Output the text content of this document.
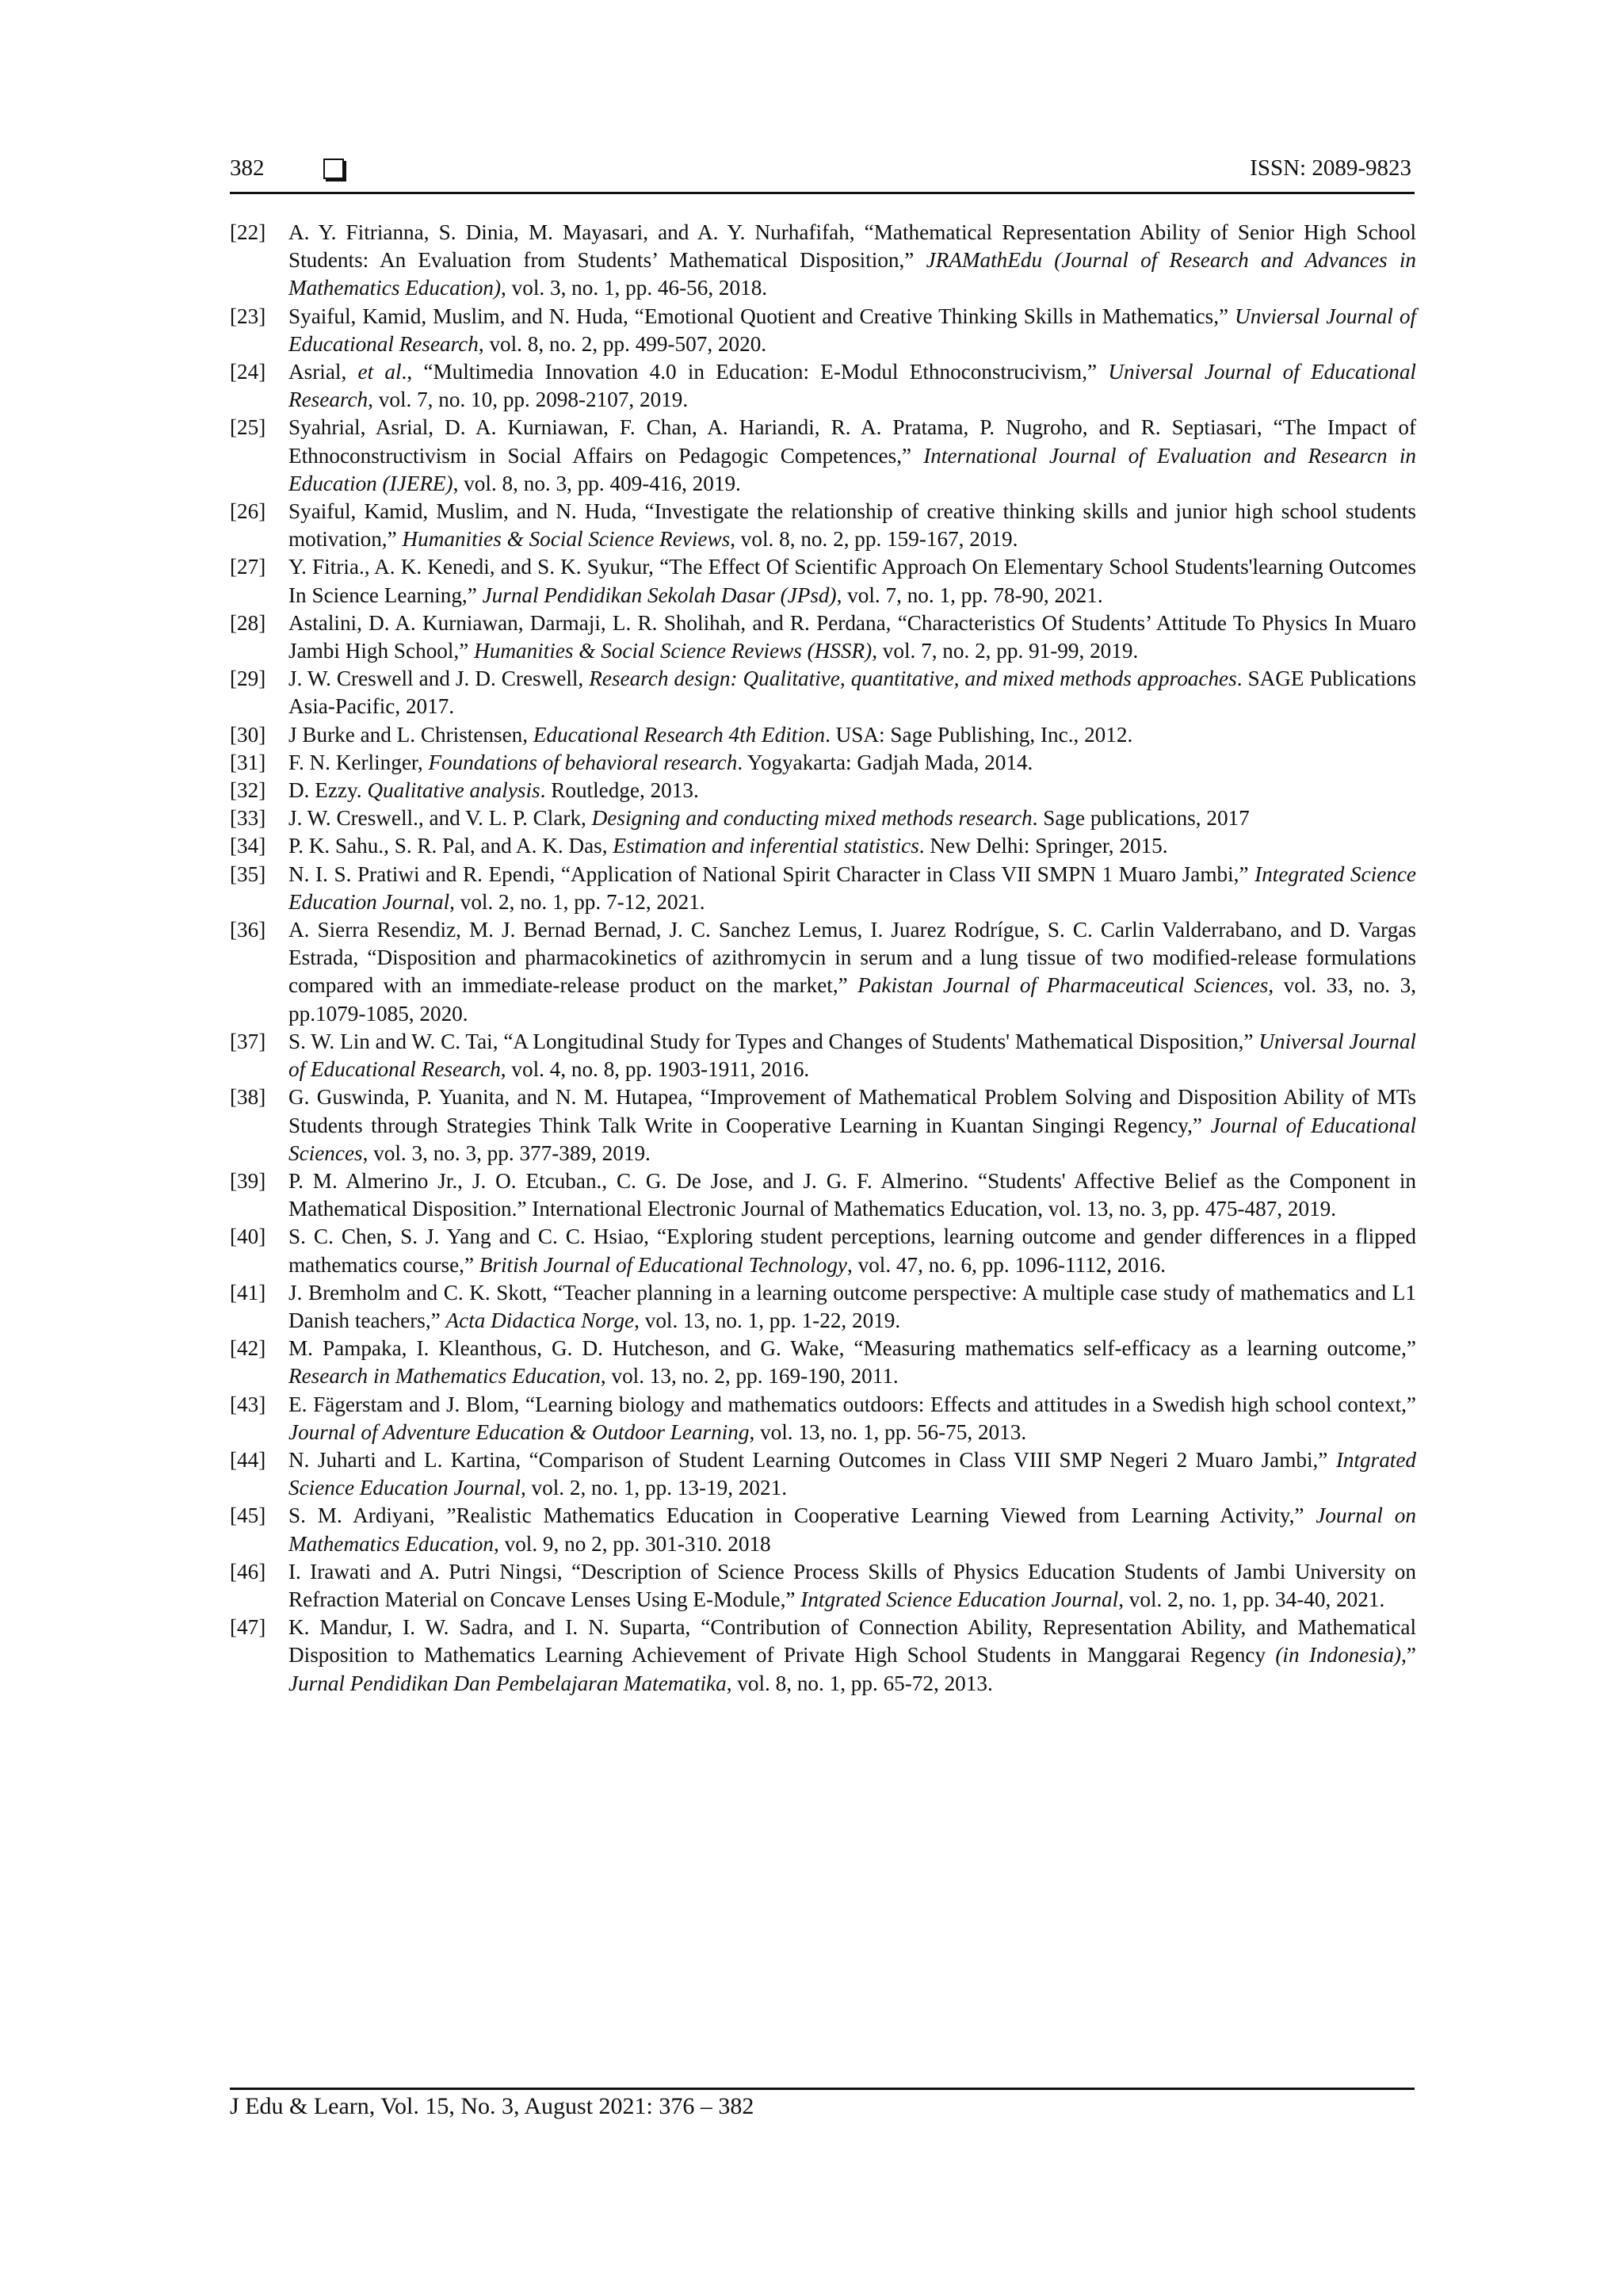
382	ISSN: 2089-9823
[22]	A. Y. Fitrianna, S. Dinia, M. Mayasari, and A. Y. Nurhafifah, “Mathematical Representation Ability of Senior High School Students: An Evaluation from Students’ Mathematical Disposition,” JRAMathEdu (Journal of Research and Advances in Mathematics Education), vol. 3, no. 1, pp. 46-56, 2018.
[23]	Syaiful, Kamid, Muslim, and N. Huda, “Emotional Quotient and Creative Thinking Skills in Mathematics,” Unviersal Journal of Educational Research, vol. 8, no. 2, pp. 499-507, 2020.
[24]	Asrial, et al., “Multimedia Innovation 4.0 in Education: E-Modul Ethnoconstrucivism,” Universal Journal of Educational Research, vol. 7, no. 10, pp. 2098-2107, 2019.
[25]	Syahrial, Asrial, D. A. Kurniawan, F. Chan, A. Hariandi, R. A. Pratama, P. Nugroho, and R. Septiasari, “The Impact of Ethnoconstructivism in Social Affairs on Pedagogic Competences,” International Journal of Evaluation and Researcn in Education (IJERE), vol. 8, no. 3, pp. 409-416, 2019.
[26]	Syaiful, Kamid, Muslim, and N. Huda, “Investigate the relationship of creative thinking skills and junior high school students motivation,” Humanities & Social Science Reviews, vol. 8, no. 2, pp. 159-167, 2019.
[27]	Y. Fitria., A. K. Kenedi, and S. K. Syukur, “The Effect Of Scientific Approach On Elementary School Students'learning Outcomes In Science Learning,” Jurnal Pendidikan Sekolah Dasar (JPsd), vol. 7, no. 1, pp. 78-90, 2021.
[28]	Astalini, D. A. Kurniawan, Darmaji, L. R. Sholihah, and R. Perdana, “Characteristics Of Students’ Attitude To Physics In Muaro Jambi High School,” Humanities & Social Science Reviews (HSSR), vol. 7, no. 2, pp. 91-99, 2019.
[29]	J. W. Creswell and J. D. Creswell, Research design: Qualitative, quantitative, and mixed methods approaches. SAGE Publications Asia-Pacific, 2017.
[30]	J Burke and L. Christensen, Educational Research 4th Edition. USA: Sage Publishing, Inc., 2012.
[31]	F. N. Kerlinger, Foundations of behavioral research. Yogyakarta: Gadjah Mada, 2014.
[32]	D. Ezzy. Qualitative analysis. Routledge, 2013.
[33]	J. W. Creswell., and V. L. P. Clark, Designing and conducting mixed methods research. Sage publications, 2017
[34]	P. K. Sahu., S. R. Pal, and A. K. Das, Estimation and inferential statistics. New Delhi: Springer, 2015.
[35]	N. I. S. Pratiwi and R. Ependi, “Application of National Spirit Character in Class VII SMPN 1 Muaro Jambi,” Integrated Science Education Journal, vol. 2, no. 1, pp. 7-12, 2021.
[36]	A. Sierra Resendiz, M. J. Bernad Bernad, J. C. Sanchez Lemus, I. Juarez Rodrígue, S. C. Carlin Valderrabano, and D. Vargas Estrada, “Disposition and pharmacokinetics of azithromycin in serum and a lung tissue of two modified-release formulations compared with an immediate-release product on the market,” Pakistan Journal of Pharmaceutical Sciences, vol. 33, no. 3, pp.1079-1085, 2020.
[37]	S. W. Lin and W. C. Tai, “A Longitudinal Study for Types and Changes of Students' Mathematical Disposition,” Universal Journal of Educational Research, vol. 4, no. 8, pp. 1903-1911, 2016.
[38]	G. Guswinda, P. Yuanita, and N. M. Hutapea, “Improvement of Mathematical Problem Solving and Disposition Ability of MTs Students through Strategies Think Talk Write in Cooperative Learning in Kuantan Singingi Regency,” Journal of Educational Sciences, vol. 3, no. 3, pp. 377-389, 2019.
[39]	P. M. Almerino Jr., J. O. Etcuban., C. G. De Jose, and J. G. F. Almerino. “Students' Affective Belief as the Component in Mathematical Disposition.” International Electronic Journal of Mathematics Education, vol. 13, no. 3, pp. 475-487, 2019.
[40]	S. C. Chen, S. J. Yang and C. C. Hsiao, “Exploring student perceptions, learning outcome and gender differences in a flipped mathematics course,” British Journal of Educational Technology, vol. 47, no. 6, pp. 1096-1112, 2016.
[41]	J. Bremholm and C. K. Skott, “Teacher planning in a learning outcome perspective: A multiple case study of mathematics and L1 Danish teachers,” Acta Didactica Norge, vol. 13, no. 1, pp. 1-22, 2019.
[42]	M. Pampaka, I. Kleanthous, G. D. Hutcheson, and G. Wake, “Measuring mathematics self-efficacy as a learning outcome,” Research in Mathematics Education, vol. 13, no. 2, pp. 169-190, 2011.
[43]	E. Fägerstam and J. Blom, “Learning biology and mathematics outdoors: Effects and attitudes in a Swedish high school context,” Journal of Adventure Education & Outdoor Learning, vol. 13, no. 1, pp. 56-75, 2013.
[44]	N. Juharti and L. Kartina, “Comparison of Student Learning Outcomes in Class VIII SMP Negeri 2 Muaro Jambi,” Intgrated Science Education Journal, vol. 2, no. 1, pp. 13-19, 2021.
[45]	S. M. Ardiyani, ”Realistic Mathematics Education in Cooperative Learning Viewed from Learning Activity,” Journal on Mathematics Education, vol. 9, no 2, pp. 301-310. 2018
[46]	I. Irawati and A. Putri Ningsi, “Description of Science Process Skills of Physics Education Students of Jambi University on Refraction Material on Concave Lenses Using E-Module,” Intgrated Science Education Journal, vol. 2, no. 1, pp. 34-40, 2021.
[47]	K. Mandur, I. W. Sadra, and I. N. Suparta, “Contribution of Connection Ability, Representation Ability, and Mathematical Disposition to Mathematics Learning Achievement of Private High School Students in Manggarai Regency (in Indonesia),” Jurnal Pendidikan Dan Pembelajaran Matematika, vol. 8, no. 1, pp. 65-72, 2013.
J Edu & Learn, Vol. 15, No. 3, August 2021: 376 – 382
